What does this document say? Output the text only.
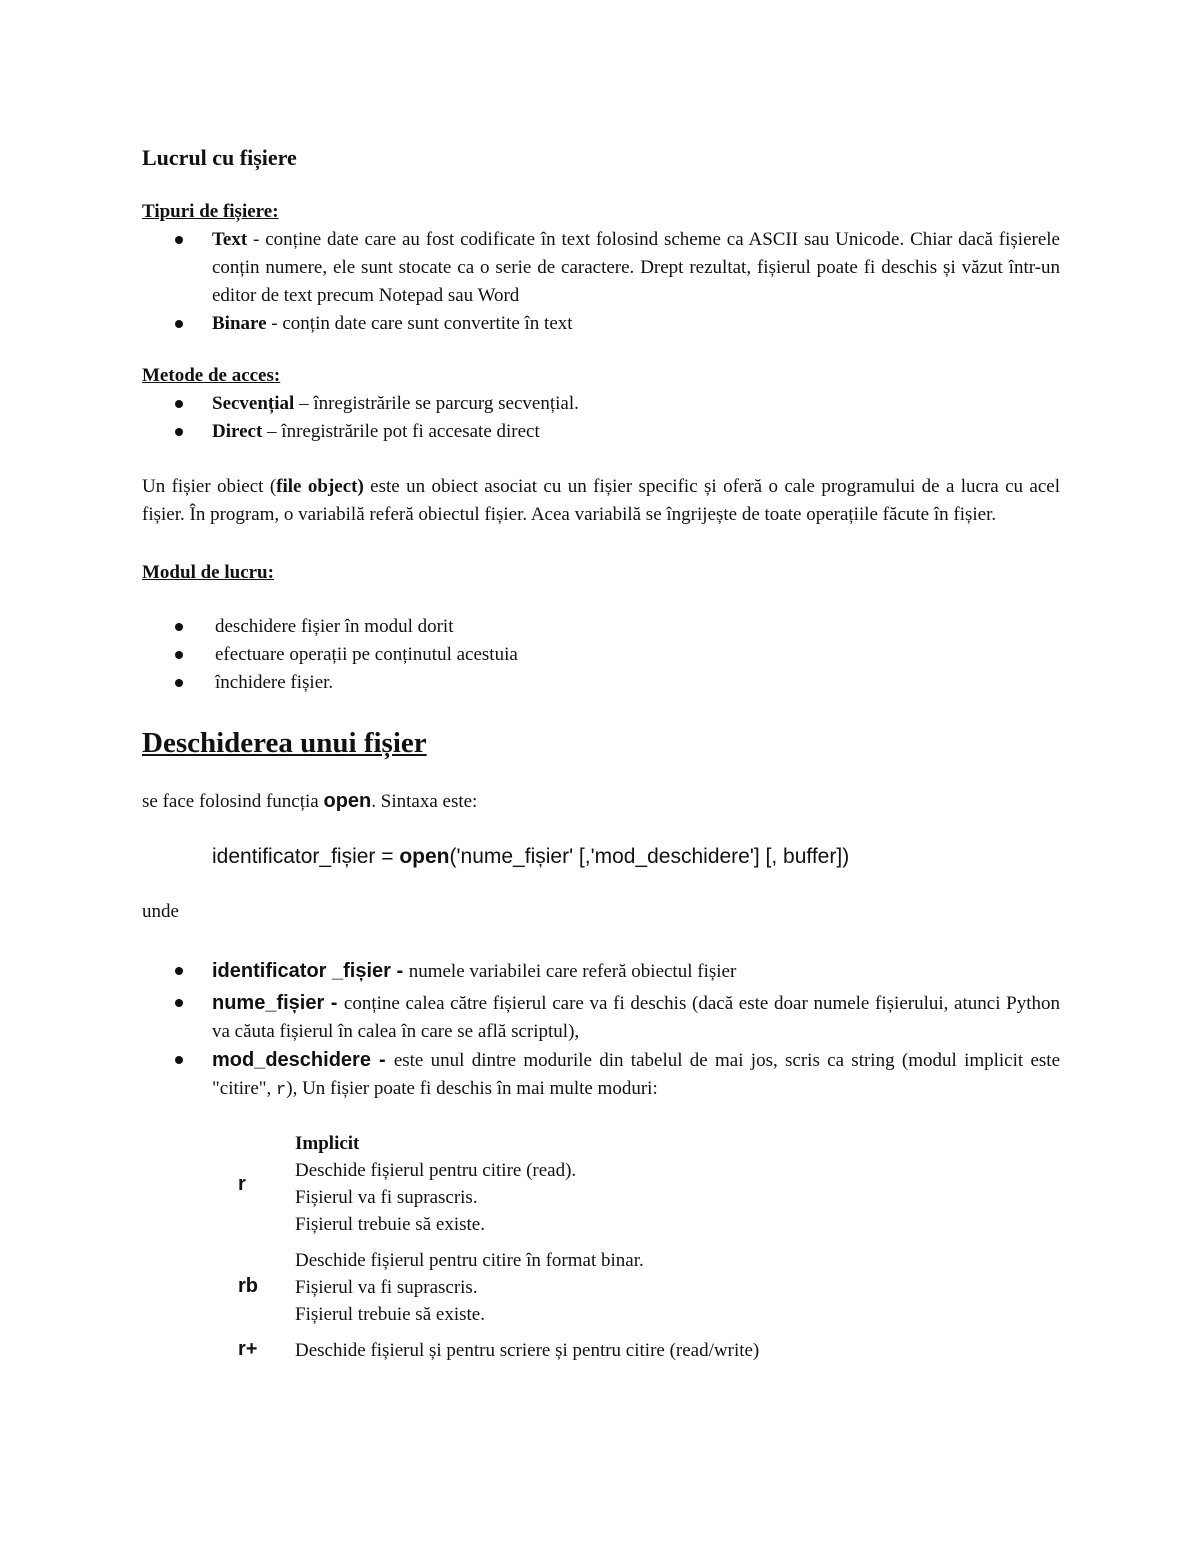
Lucrul cu fișiere

Tipuri de fișiere:

Text - conține date care au fost codificate în text folosind scheme ca ASCII sau Unicode. Chiar dacă fișierele conțin numere, ele sunt stocate ca o serie de caractere. Drept rezultat, fișierul poate fi deschis și văzut într-un editor de text precum Notepad sau Word
Binare - conțin date care sunt convertite în text

Metode de acces:

Secvențial – înregistrările se parcurg secvențial.
Direct – înregistrările pot fi accesate direct

Un fișier obiect (file object) este un obiect asociat cu un fișier specific și oferă o cale programului de a lucra cu acel fișier. În program, o variabilă referă obiectul fișier. Acea variabilă se îngrijește de toate operațiile făcute în fișier.

Modul de lucru:

deschidere fișier în modul dorit
efectuare operații pe conținutul acestuia
închidere fișier.
Deschiderea unui fișier

se face folosind funcția open. Sintaxa este:

identificator_fișier = open('nume_fișier' [,'mod_deschidere'] [, buffer])

unde

identificator _fișier - numele variabilei care referă obiectul fișier
nume_fișier - conține calea către fișierul care va fi deschis (dacă este doar numele fișierului, atunci Python va căuta fișierul în calea în care se află scriptul),
mod_deschidere - este unul dintre modurile din tabelul de mai jos, scris ca string (modul implicit este "citire", r), Un fișier poate fi deschis în mai multe moduri:
r	Implicit
Deschide fișierul pentru citire (read).
Fișierul va fi suprascris.
Fișierul trebuie să existe.

rb	Deschide fișierul pentru citire în format binar.
Fișierul va fi suprascris.
Fișierul trebuie să existe.

r+	Deschide fișierul și pentru scriere și pentru citire (read/write)
